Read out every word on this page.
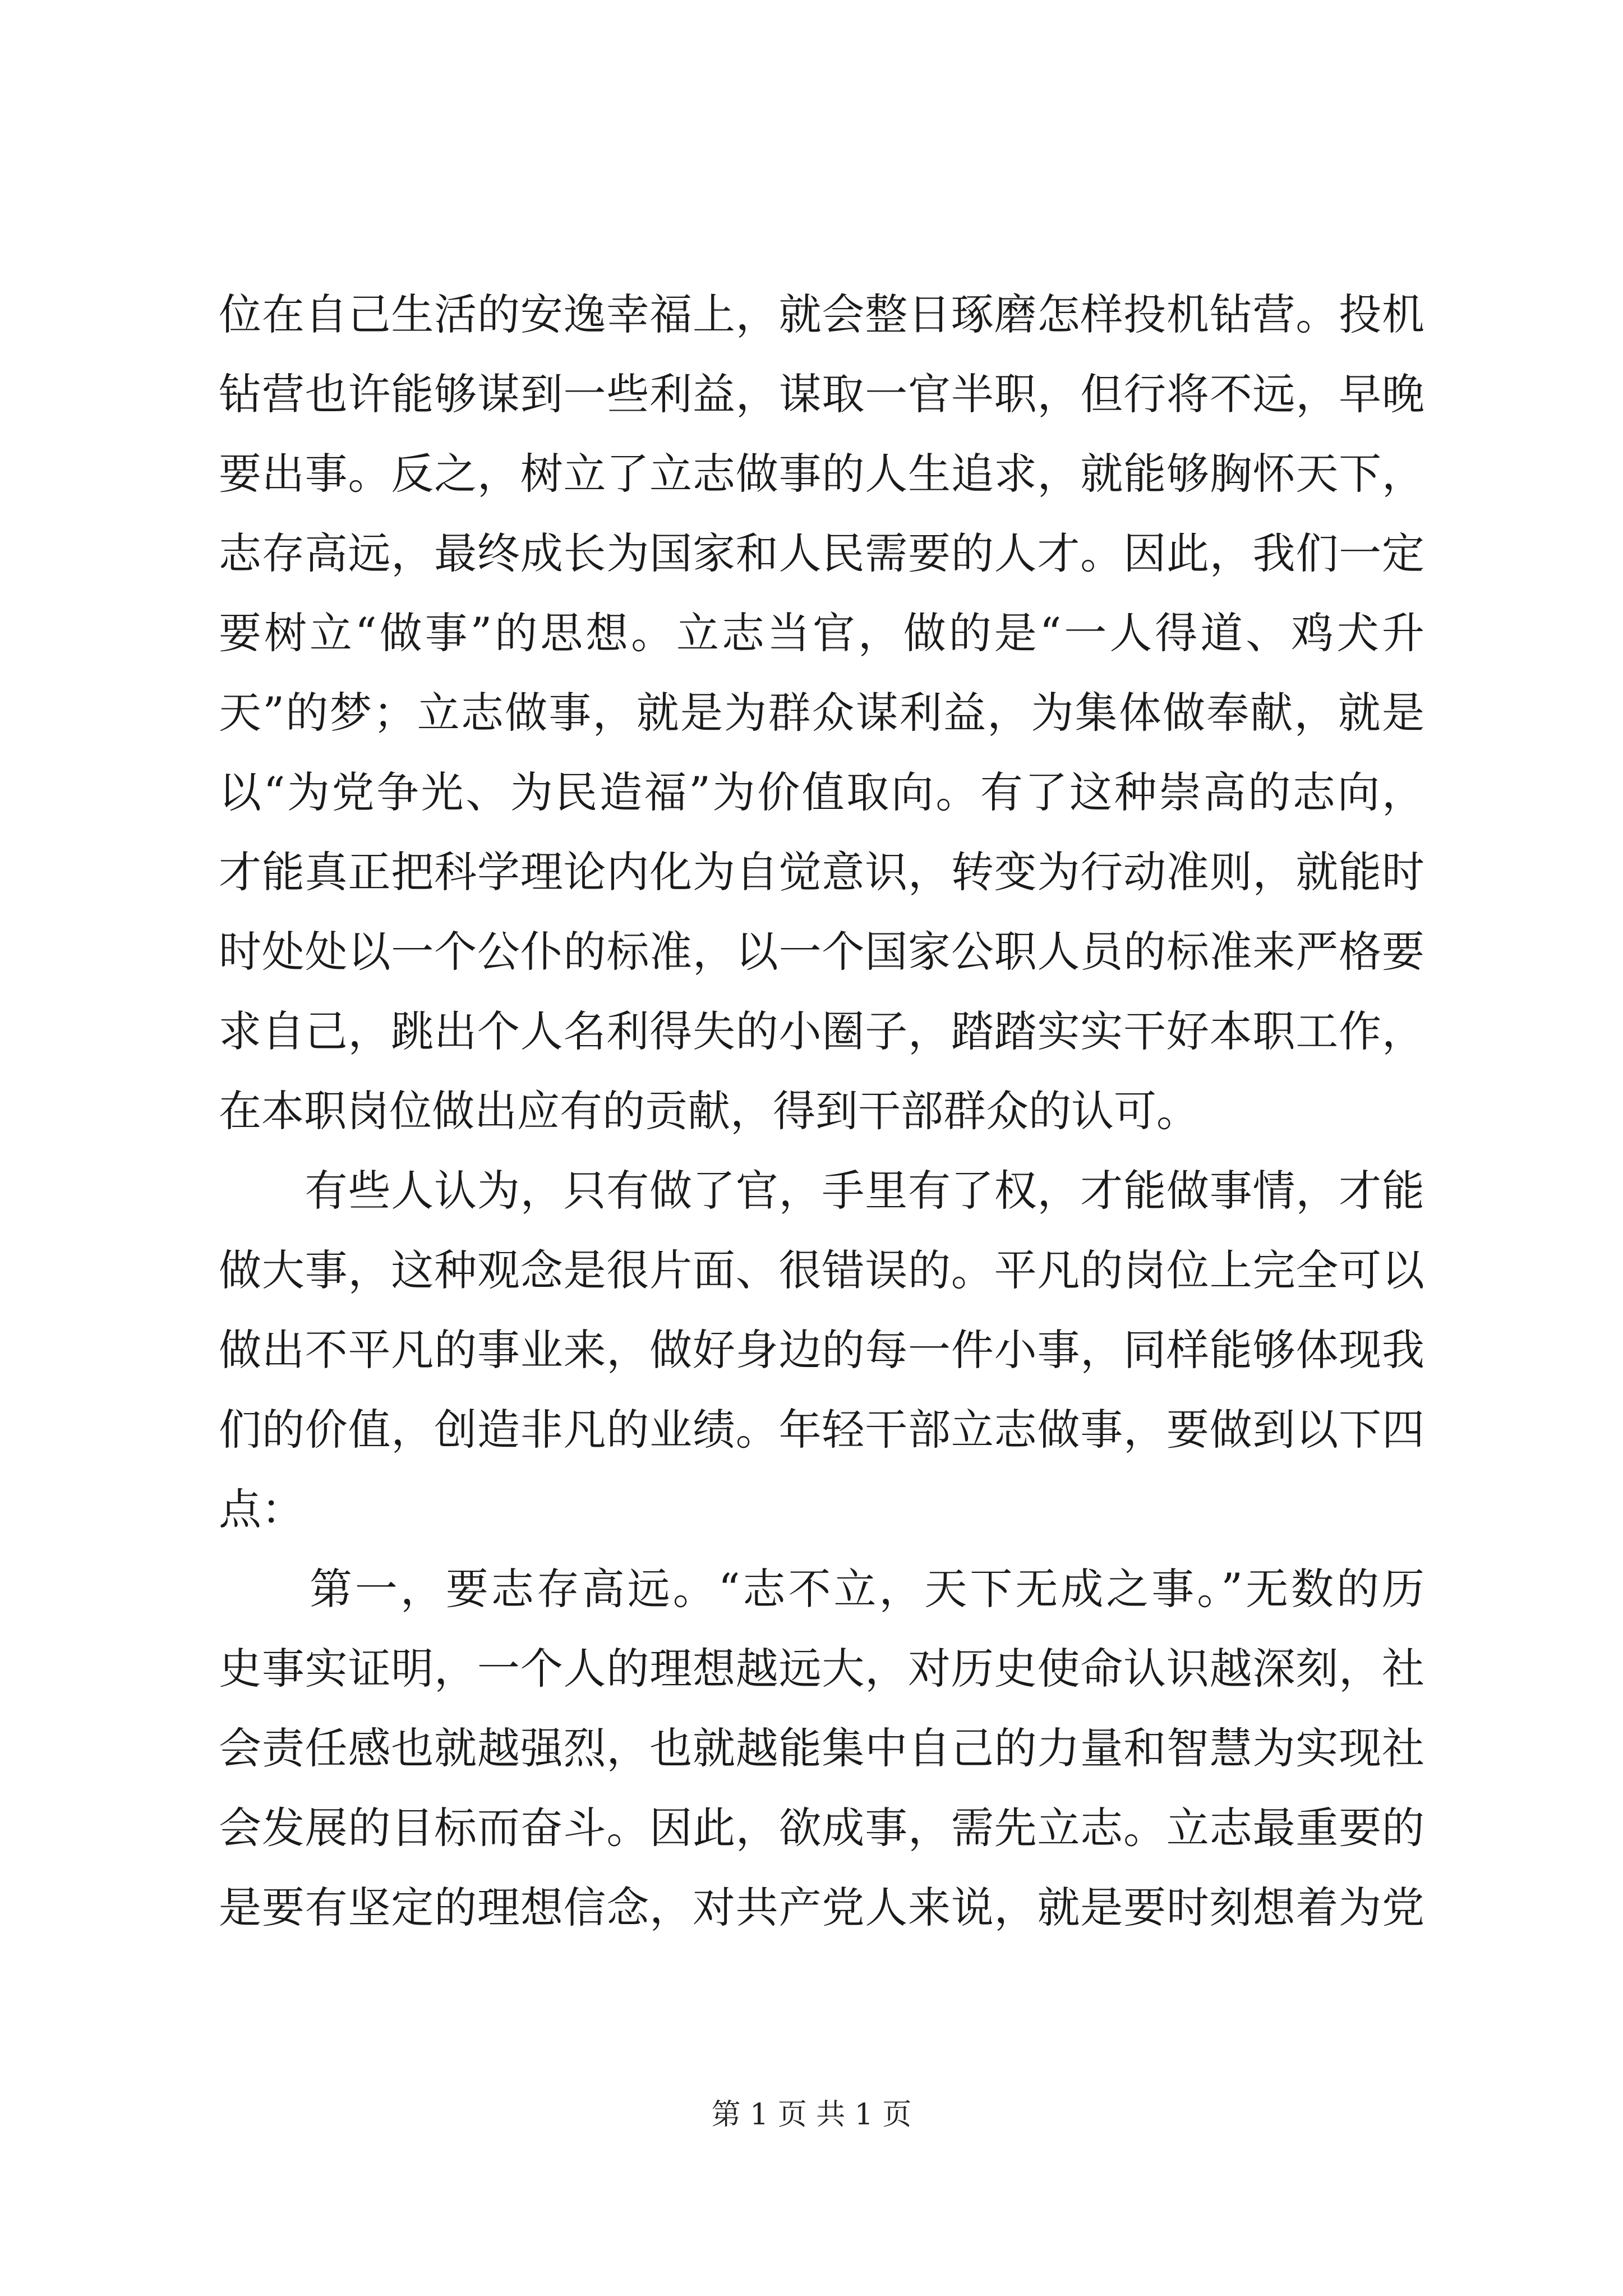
位在自己生活的安逸幸福上，就会整日琢磨怎样投机钻营。投机
钻营也许能够谋到一些利益，谋取一官半职，但行将不远，早晚
要出事。反之，树立了立志做事的人生追求，就能够胸怀天下，
志存高远，最终成长为国家和人民需要的人才。因此，我们一定
要树立“做事”的思想。立志当官，做的是“一人得道、鸡犬升
天”的梦；立志做事，就是为群众谋利益，为集体做奉献，就是
以“为党争光、为民造福”为价值取向。有了这种崇高的志向，
才能真正把科学理论内化为自觉意识，转变为行动准则，就能时
时处处以一个公仆的标准，以一个国家公职人员的标准来严格要
求自己，跳出个人名利得失的小圈子，踏踏实实干好本职工作，
在本职岗位做出应有的贡献，得到干部群众的认可。
　　有些人认为，只有做了官，手里有了权，才能做事情，才能
做大事，这种观念是很片面、很错误的。平凡的岗位上完全可以
做出不平凡的事业来，做好身边的每一件小事，同样能够体现我
们的价值，创造非凡的业绩。年轻干部立志做事，要做到以下四
点：
　　第一，要志存高远。“志不立，天下无成之事。”无数的历
史事实证明，一个人的理想越远大，对历史使命认识越深刻，社
会责任感也就越强烈，也就越能集中自己的力量和智慧为实现社
会发展的目标而奋斗。因此，欲成事，需先立志。立志最重要的
是要有坚定的理想信念，对共产党人来说，就是要时刻想着为党
第 1 页 共 1 页
